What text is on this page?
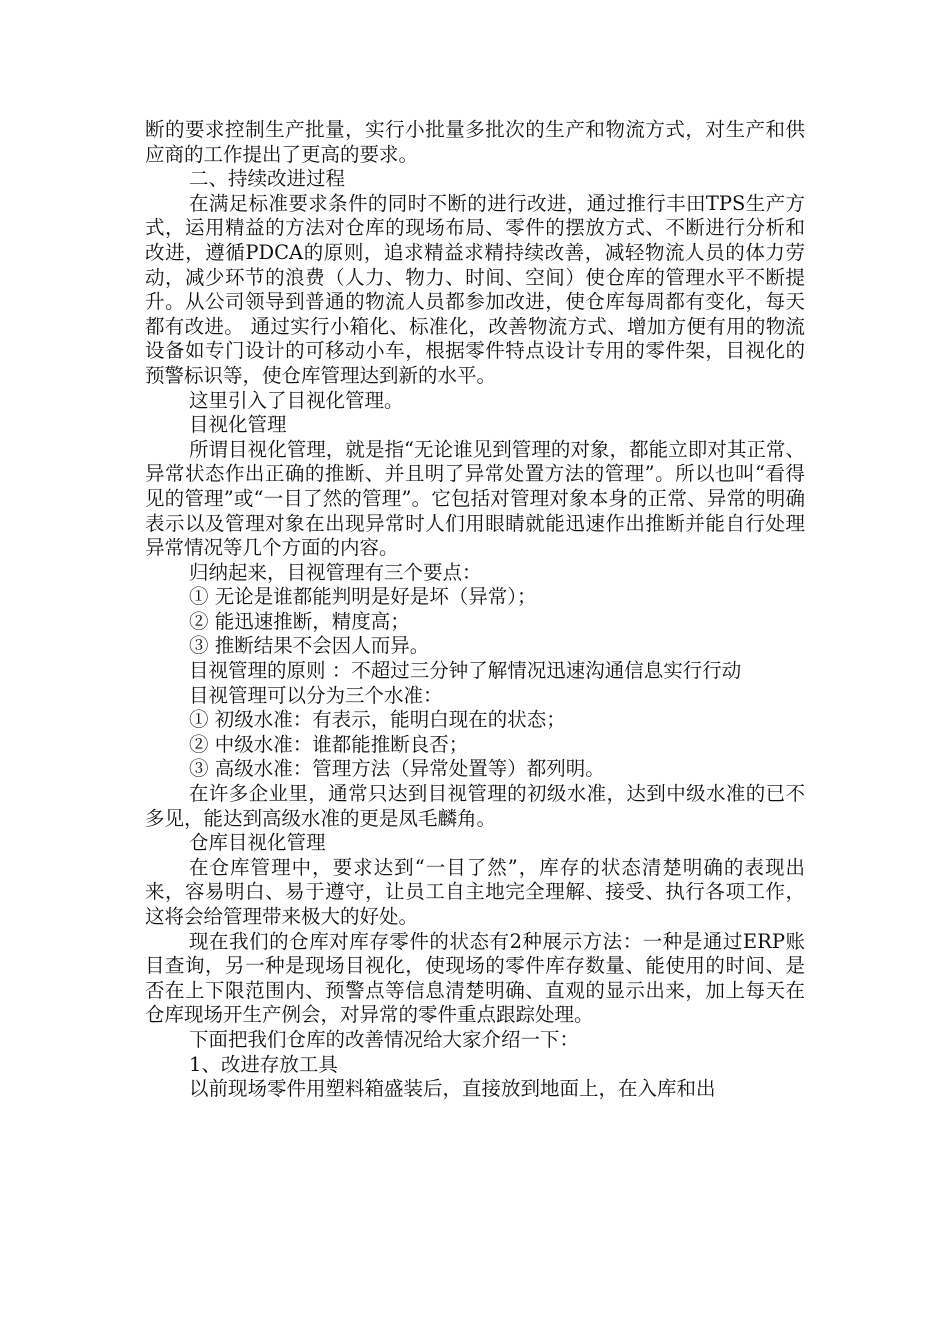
断的要求控制生产批量，实行小批量多批次的生产和物流方式，对生产和供应商的工作提出了更高的要求。

二、持续改进过程

在满足标准要求条件的同时不断的进行改进，通过推行丰田TPS生产方式，运用精益的方法对仓库的现场布局、零件的摆放方式、不断进行分析和改进，遵循PDCA的原则，追求精益求精持续改善，减轻物流人员的体力劳动，减少环节的浪费（人力、物力、时间、空间）使仓库的管理水平不断提升。从公司领导到普通的物流人员都参加改进，使仓库每周都有变化，每天都有改进。 通过实行小箱化、标准化，改善物流方式、增加方便有用的物流设备如专门设计的可移动小车，根据零件特点设计专用的零件架，目视化的预警标识等，使仓库管理达到新的水平。

这里引入了目视化管理。

目视化管理

所谓目视化管理，就是指“无论谁见到管理的对象，都能立即对其正常、异常状态作出正确的推断、并且明了异常处置方法的管理”。所以也叫“看得见的管理”或“一目了然的管理”。它包括对管理对象本身的正常、异常的明确表示以及管理对象在出现异常时人们用眼睛就能迅速作出推断并能自行处理异常情况等几个方面的内容。

归纳起来，目视管理有三个要点：

① 无论是谁都能判明是好是坏（异常）；

② 能迅速推断，精度高；

③ 推断结果不会因人而异。

目视管理的原则 ：不超过三分钟了解情况迅速沟通信息实行行动

目视管理可以分为三个水准：

① 初级水准：有表示，能明白现在的状态；

② 中级水准：谁都能推断良否；

③ 高级水准：管理方法（异常处置等）都列明。

在许多企业里，通常只达到目视管理的初级水准，达到中级水准的已不多见，能达到高级水准的更是凤毛麟角。

仓库目视化管理

在仓库管理中，要求达到“一目了然”，库存的状态清楚明确的表现出来，容易明白、易于遵守，让员工自主地完全理解、接受、执行各项工作，这将会给管理带来极大的好处。

现在我们的仓库对库存零件的状态有2种展示方法：一种是通过ERP账目查询，另一种是现场目视化，使现场的零件库存数量、能使用的时间、是否在上下限范围内、预警点等信息清楚明确、直观的显示出来，加上每天在仓库现场开生产例会，对异常的零件重点跟踪处理。

下面把我们仓库的改善情况给大家介绍一下：

1、改进存放工具

以前现场零件用塑料箱盛装后，直接放到地面上，在入库和出
